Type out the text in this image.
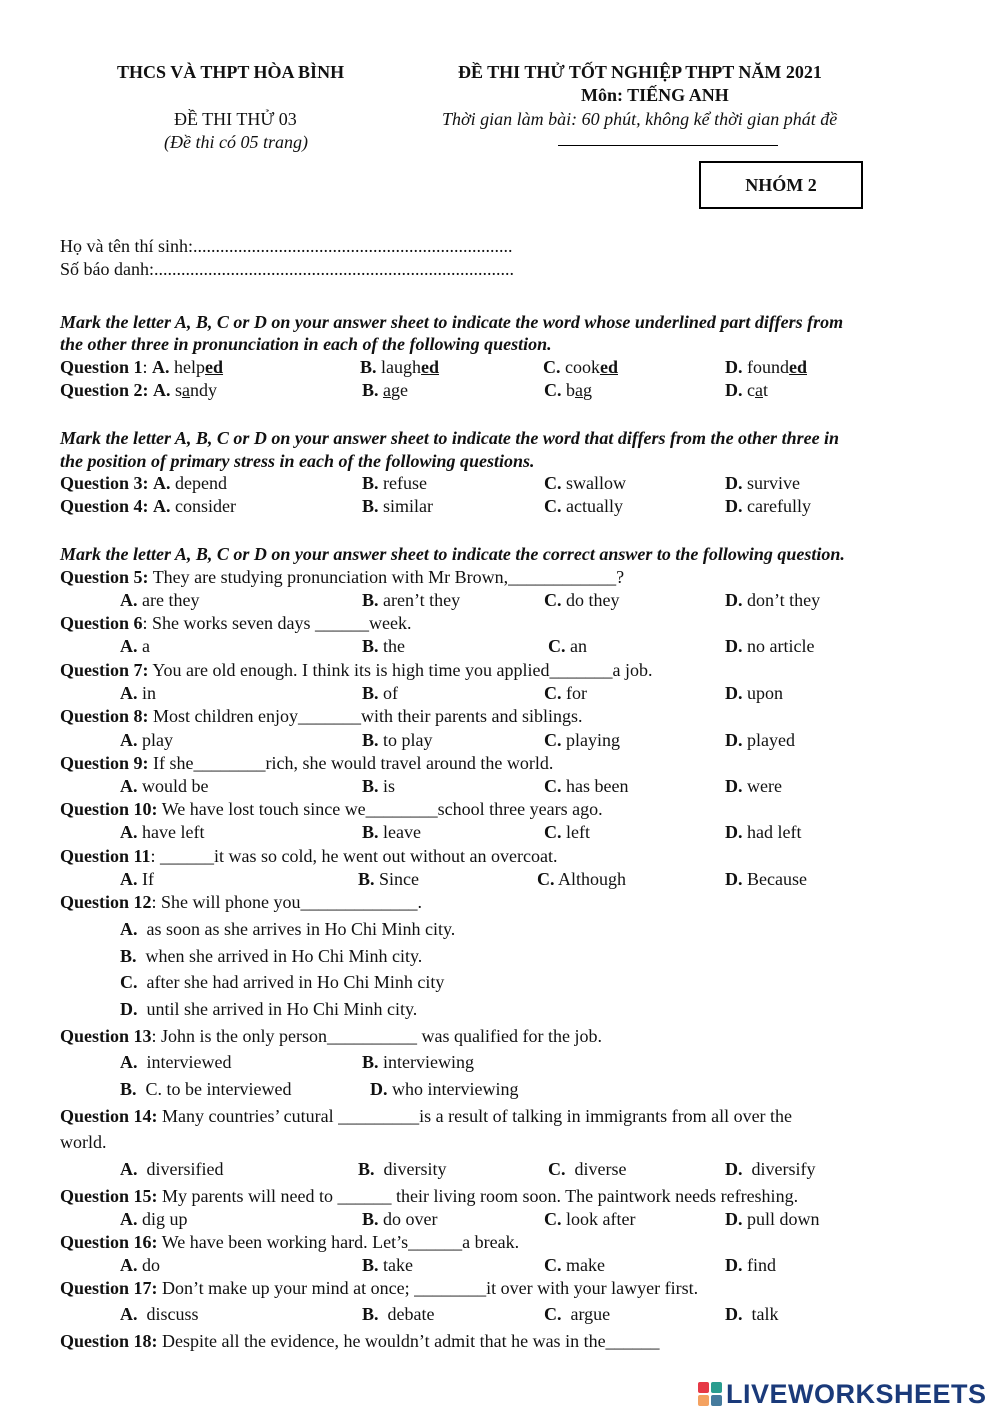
THCS VÀ THPT HÒA BÌNH	ĐỀ THI THỬ TỐT NGHIỆP THPT NĂM 2021
Môn: TIẾNG ANH
ĐỀ THI THỬ 03
(Đề thi có 05 trang)
Thời gian làm bài: 60 phút, không kể thời gian phát đề
NHÓM 2
Họ và tên thí sinh:.......................................................................
Số báo danh:................................................................................
Mark the letter A, B, C or D on your answer sheet to indicate the word whose underlined part differs from
the other three in pronunciation in each of the following question.
Question 1: A. helped	B. laughed	C. cooked	D. founded
Question 2: A. sandy	B. age	C. bag	D. cat
Mark the letter A, B, C or D on your answer sheet to indicate the word that differs from the other three in
the position of primary stress in each of the following questions.
Question 3: A. depend	B. refuse	C. swallow	D. survive
Question 4: A. consider	B. similar	C. actually	D. carefully
Mark the letter A, B, C or D on your answer sheet to indicate the correct answer to the following question.
Question 5: They are studying pronunciation with Mr Brown,____________?
A. are they	B. aren’t they	C. do they	D. don’t they
Question 6: She works seven days ______week.
A. a	B. the	C. an	D. no article
Question 7: You are old enough. I think its is high time you applied_______a job.
A. in	B. of	C. for	D. upon
Question 8: Most children enjoy_______with their parents and siblings.
A. play	B. to play	C. playing	D. played
Question 9: If she________rich, she would travel around the world.
A. would be	B. is	C. has been	D. were
Question 10: We have lost touch since we________school three years ago.
A. have left	B. leave	C. left	D. had left
Question 11: ______it was so cold, he went out without an overcoat.
A. If	B. Since	C. Although	D. Because
Question 12: She will phone you_____________.
A. as soon as she arrives in Ho Chi Minh city.
B. when she arrived in Ho Chi Minh city.
C. after she had arrived in Ho Chi Minh city
D. until she arrived in Ho Chi Minh city.
Question 13: John is the only person__________ was qualified for the job.
A. interviewed	B. interviewing
B. C. to be interviewed	D. who interviewing
Question 14: Many countries’ cutural _________is a result of talking in immigrants from all over the
world.
A. diversified	B. diversity	C. diverse	D. diversify
Question 15: My parents will need to ______ their living room soon. The paintwork needs refreshing.
A. dig up	B. do over	C. look after	D. pull down
Question 16: We have been working hard. Let’s______a break.
A. do	B. take	C. make	D. find
Question 17: Don’t make up your mind at once; ________it over with your lawyer first.
A. discuss	B. debate	C. argue	D. talk
Question 18: Despite all the evidence, he wouldn’t admit that he was in the______
LIVEWORKSHEETS
